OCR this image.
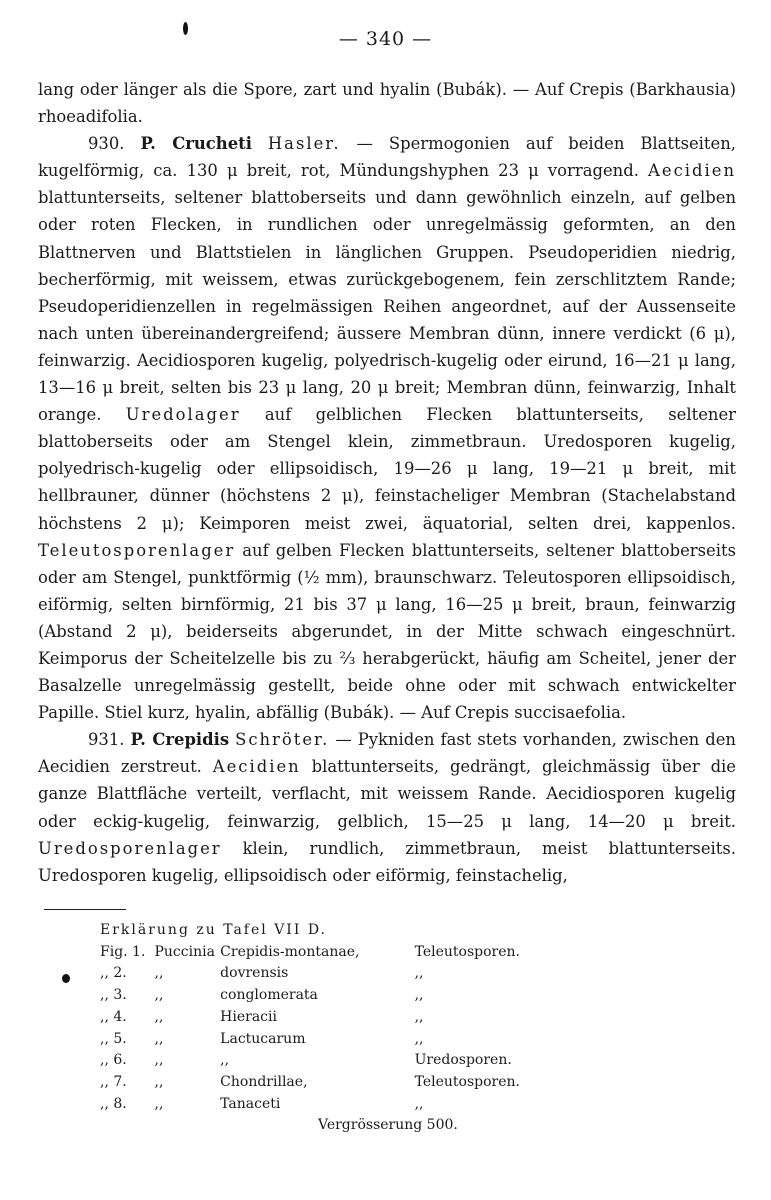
— 340 —

lang oder länger als die Spore, zart und hyalin (Bubák). — Auf Crepis (Barkhausia) rhoeadifolia.

930. P. Crucheti Hasler. — Spermogonien auf beiden Blattseiten, kugelförmig, ca. 130 μ breit, rot, Mündungshyphen 23 μ vorragend. Aecidien blattunterseits, seltener blattoberseits und dann gewöhnlich einzeln, auf gelben oder roten Flecken, in rundlichen oder unregelmässig geformten, an den Blattnerven und Blattstielen in länglichen Gruppen. Pseudoperidien niedrig, becherförmig, mit weissem, etwas zurückgebogenem, fein zerschlitztem Rande; Pseudoperidienzellen in regelmässigen Reihen angeordnet, auf der Aussenseite nach unten übereinandergreifend; äussere Membran dünn, innere verdickt (6 μ), feinwarzig. Aecidiosporen kugelig, polyedrisch-kugelig oder eirund, 16—21 μ lang, 13—16 μ breit, selten bis 23 μ lang, 20 μ breit; Membran dünn, feinwarzig, Inhalt orange. Uredolager auf gelblichen Flecken blattunterseits, seltener blattoberseits oder am Stengel klein, zimmetbraun. Uredosporen kugelig, polyedrisch-kugelig oder ellipsoidisch, 19—26 μ lang, 19—21 μ breit, mit hellbrauner, dünner (höchstens 2 μ), feinstacheliger Membran (Stachelabstand höchstens 2 μ); Keimporen meist zwei, äquatorial, selten drei, kappenlos. Teleutosporenlager auf gelben Flecken blattunterseits, seltener blattoberseits oder am Stengel, punktförmig (½ mm), braunschwarz. Teleutosporen ellipsoidisch, eiförmig, selten birnförmig, 21 bis 37 μ lang, 16—25 μ breit, braun, feinwarzig (Abstand 2 μ), beiderseits abgerundet, in der Mitte schwach eingeschnürt. Keimporus der Scheitelzelle bis zu ⅔ herabgerückt, häufig am Scheitel, jener der Basalzelle unregelmässig gestellt, beide ohne oder mit schwach entwickelter Papille. Stiel kurz, hyalin, abfällig (Bubák). — Auf Crepis succisaefolia.

931. P. Crepidis Schröter. — Pykniden fast stets vorhanden, zwischen den Aecidien zerstreut. Aecidien blattunterseits, gedrängt, gleichmässig über die ganze Blattfläche verteilt, verflacht, mit weissem Rande. Aecidiosporen kugelig oder eckig-kugelig, feinwarzig, gelblich, 15—25 μ lang, 14—20 μ breit. Uredosporenlager klein, rundlich, zimmetbraun, meist blattunterseits. Uredosporen kugelig, ellipsoidisch oder eiförmig, feinstachelig,

Erklärung zu Tafel VII D.
Fig. 1.	Puccinia	Crepidis-montanae,	Teleutosporen.
,, 2.	,,	dovrensis	,,
,, 3.	,,	conglomerata	,,
,, 4.	,,	Hieracii	,,
,, 5.	,,	Lactucarum	,,
,, 6.	,,	,,	Uredosporen.
,, 7.	,,	Chondrillae,	Teleutosporen.
,, 8.	,,	Tanaceti	,,
Vergrösserung 500.
